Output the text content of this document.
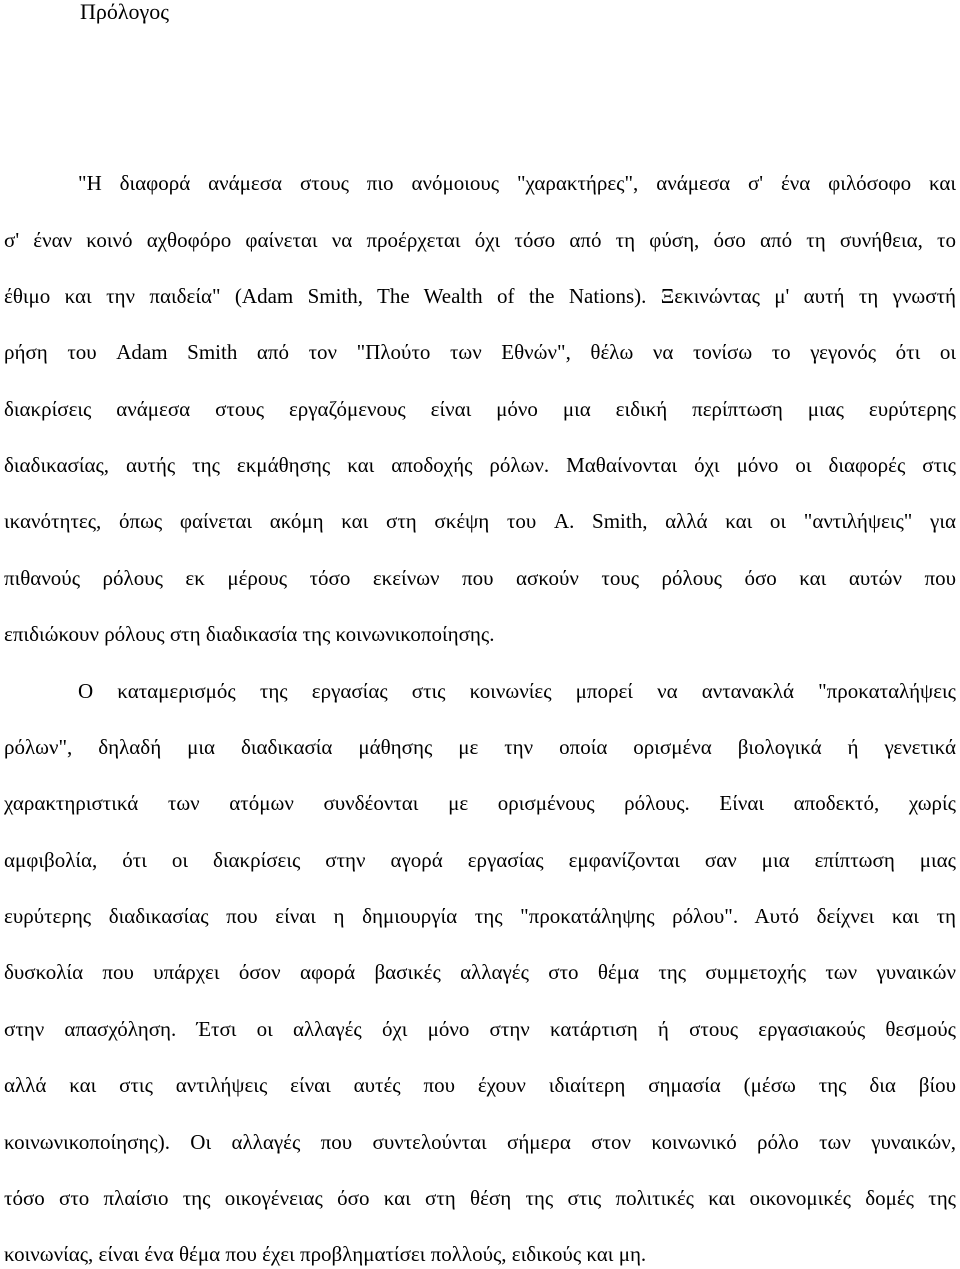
Πρόλογος

"Η διαφορά ανάμεσα στους πιο ανόμοιους "χαρακτήρες", ανάμεσα σ' ένα φιλόσοφο και

σ' έναν κοινό αχθοφόρο φαίνεται να προέρχεται όχι τόσο από τη φύση, όσο από τη συνήθεια, το

έθιμο και την παιδεία" (Adam Smith, The Wealth of the Nations). Ξεκινώντας μ' αυτή τη γνωστή

ρήση του Adam Smith από τον "Πλούτο των Εθνών", θέλω να τονίσω το γεγονός ότι οι

διακρίσεις ανάμεσα στους εργαζόμενους είναι μόνο μια ειδική περίπτωση μιας ευρύτερης

διαδικασίας, αυτής της εκμάθησης και αποδοχής ρόλων. Μαθαίνονται όχι μόνο οι διαφορές στις

ικανότητες, όπως φαίνεται ακόμη και στη σκέψη του A. Smith, αλλά και οι "αντιλήψεις" για

πιθανούς ρόλους εκ μέρους τόσο εκείνων που ασκούν τους ρόλους όσο και αυτών που

επιδιώκουν ρόλους στη διαδικασία της κοινωνικοποίησης.

Ο καταμερισμός της εργασίας στις κοινωνίες μπορεί να αντανακλά "προκαταλήψεις

ρόλων", δηλαδή μια διαδικασία μάθησης με την οποία ορισμένα βιολογικά ή γενετικά

χαρακτηριστικά των ατόμων συνδέονται με ορισμένους ρόλους. Είναι αποδεκτό, χωρίς

αμφιβολία, ότι οι διακρίσεις στην αγορά εργασίας εμφανίζονται σαν μια επίπτωση μιας

ευρύτερης διαδικασίας που είναι η δημιουργία της "προκατάληψης ρόλου". Αυτό δείχνει και τη

δυσκολία που υπάρχει όσον αφορά βασικές αλλαγές στο θέμα της συμμετοχής των γυναικών

στην απασχόληση. Έτσι οι αλλαγές όχι μόνο στην κατάρτιση ή στους εργασιακούς θεσμούς

αλλά και στις αντιλήψεις είναι αυτές που έχουν ιδιαίτερη σημασία (μέσω της δια βίου

κοινωνικοποίησης). Οι αλλαγές που συντελούνται σήμερα στον κοινωνικό ρόλο των γυναικών,

τόσο στο πλαίσιο της οικογένειας όσο και στη θέση της στις πολιτικές και οικονομικές δομές της

κοινωνίας, είναι ένα θέμα που έχει προβληματίσει πολλούς, ειδικούς και μη.
